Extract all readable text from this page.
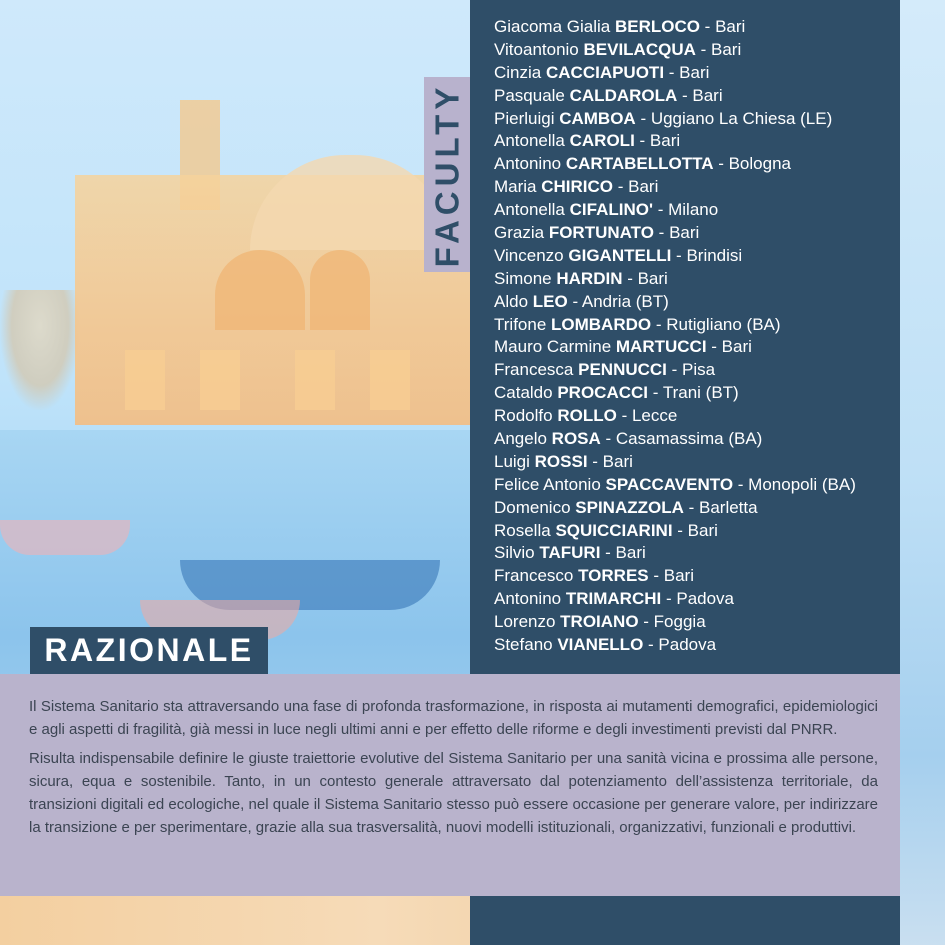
FACULTY
Giacoma Gialia BERLOCO - Bari
Vitoantonio BEVILACQUA - Bari
Cinzia CACCIAPUOTI - Bari
Pasquale CALDAROLA - Bari
Pierluigi CAMBOA - Uggiano La Chiesa (LE)
Antonella CAROLI - Bari
Antonino CARTABELLOTTA - Bologna
Maria CHIRICO - Bari
Antonella CIFALINO' - Milano
Grazia FORTUNATO - Bari
Vincenzo GIGANTELLI - Brindisi
Simone HARDIN - Bari
Aldo LEO - Andria (BT)
Trifone LOMBARDO - Rutigliano (BA)
Mauro Carmine MARTUCCI - Bari
Francesca PENNUCCI - Pisa
Cataldo PROCACCI - Trani (BT)
Rodolfo ROLLO - Lecce
Angelo ROSA - Casamassima (BA)
Luigi ROSSI - Bari
Felice Antonio SPACCAVENTO - Monopoli (BA)
Domenico SPINAZZOLA - Barletta
Rosella SQUICCIARINI - Bari
Silvio TAFURI - Bari
Francesco TORRES - Bari
Antonino TRIMARCHI - Padova
Lorenzo TROIANO - Foggia
Stefano VIANELLO - Padova
RAZIONALE

Il Sistema Sanitario sta attraversando una fase di profonda trasformazione, in risposta ai mutamenti demografici, epidemiologici e agli aspetti di fragilità, già messi in luce negli ultimi anni e per effetto delle riforme e degli investimenti previsti dal PNRR.

Risulta indispensabile definire le giuste traiettorie evolutive del Sistema Sanitario per una sanità vicina e prossima alle persone, sicura, equa e sostenibile. Tanto, in un contesto generale attraversato dal potenziamento dell’assistenza territoriale, da transizioni digitali ed ecologiche, nel quale il Sistema Sanitario stesso può essere occasione per generare valore, per indirizzare la transizione e per sperimentare, grazie alla sua trasversalità, nuovi modelli istituzionali, organizzativi, funzionali e produttivi.
